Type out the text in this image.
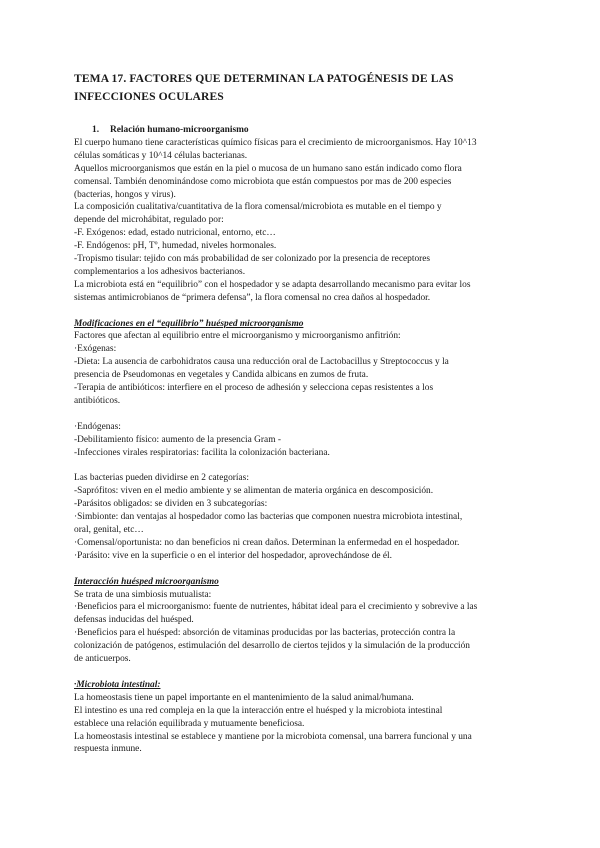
TEMA 17. FACTORES QUE DETERMINAN LA PATOGÉNESIS DE LAS INFECCIONES OCULARES

1. Relación humano-microorganismo

El cuerpo humano tiene características químico físicas para el crecimiento de microorganismos. Hay 10^13

células somáticas y 10^14 células bacterianas.

Aquellos microorganismos que están en la piel o mucosa de un humano sano están indicado como flora

comensal. También denominándose como microbiota que están compuestos por mas de 200 especies

(bacterias, hongos y virus).

La composición cualitativa/cuantitativa de la flora comensal/microbiota es mutable en el tiempo y

depende del microhábitat, regulado por:

-F. Exógenos: edad, estado nutricional, entorno, etc…

-F. Endógenos: pH, Tº, humedad, niveles hormonales.

-Tropismo tisular: tejido con más probabilidad de ser colonizado por la presencia de receptores

complementarios a los adhesivos bacterianos.

La microbiota está en “equilibrio” con el hospedador y se adapta desarrollando mecanismo para evitar los

sistemas antimicrobianos de “primera defensa”, la flora comensal no crea daños al hospedador.

Modificaciones en el “equilibrio” huésped microorganismo

Factores que afectan al equilibrio entre el microorganismo y microorganismo anfitrión:

·Exógenas:

-Dieta: La ausencia de carbohidratos causa una reducción oral de Lactobacillus y Streptococcus y la

presencia de Pseudomonas en vegetales y Candida albicans en zumos de fruta.

-Terapia de antibióticos: interfiere en el proceso de adhesión y selecciona cepas resistentes a los

antibióticos.

·Endógenas:

-Debilitamiento físico: aumento de la presencia Gram -

-Infecciones virales respiratorias: facilita la colonización bacteriana.

Las bacterias pueden dividirse en 2 categorías:

-Saprófitos: viven en el medio ambiente y se alimentan de materia orgánica en descomposición.

-Parásitos obligados: se dividen en 3 subcategorías:

·Simbionte: dan ventajas al hospedador como las bacterias que componen nuestra microbiota intestinal,

oral, genital, etc…

·Comensal/oportunista: no dan beneficios ni crean daños. Determinan la enfermedad en el hospedador.

·Parásito: vive en la superficie o en el interior del hospedador, aprovechándose de él.

Interacción huésped microorganismo

Se trata de una simbiosis mutualista:

·Beneficios para el microorganismo: fuente de nutrientes, hábitat ideal para el crecimiento y sobrevive a las

defensas inducidas del huésped.

·Beneficios para el huésped: absorción de vitaminas producidas por las bacterias, protección contra la

colonización de patógenos, estimulación del desarrollo de ciertos tejidos y la simulación de la producción

de anticuerpos.

·Microbiota intestinal:

La homeostasis tiene un papel importante en el mantenimiento de la salud animal/humana.

El intestino es una red compleja en la que la interacción entre el huésped y la microbiota intestinal

establece una relación equilibrada y mutuamente beneficiosa.

La homeostasis intestinal se establece y mantiene por la microbiota comensal, una barrera funcional y una

respuesta inmune.
